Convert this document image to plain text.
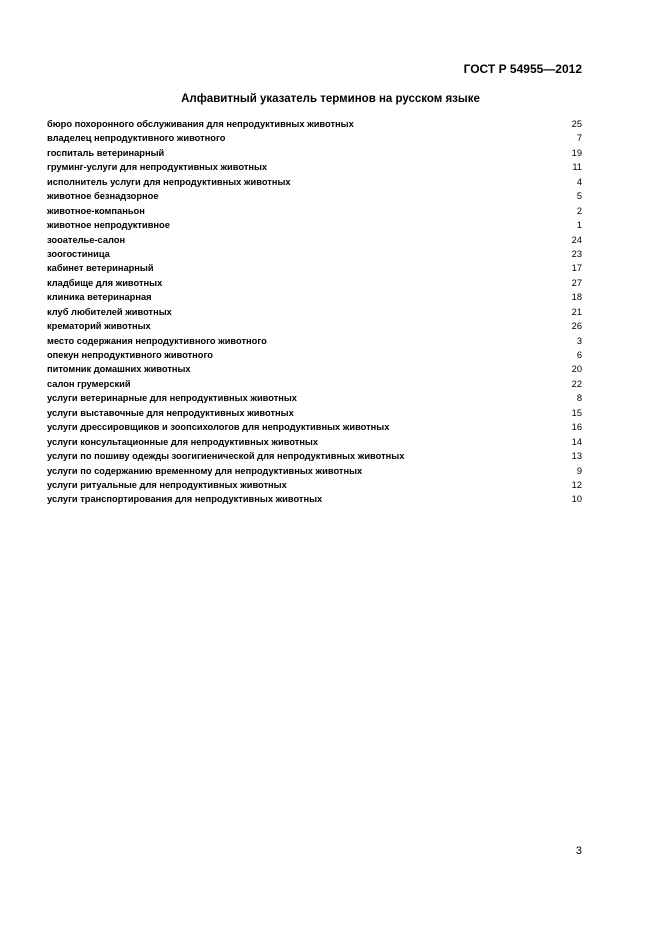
ГОСТ Р 54955—2012
Алфавитный указатель терминов на русском языке
бюро похоронного обслуживания для непродуктивных животных	25
владелец непродуктивного животного	7
госпиталь ветеринарный	19
груминг-услуги для непродуктивных животных	11
исполнитель услуги для непродуктивных животных	4
животное безнадзорное	5
животное-компаньон	2
животное непродуктивное	1
зооателье-салон	24
зоогостиница	23
кабинет ветеринарный	17
кладбище для животных	27
клиника ветеринарная	18
клуб любителей животных	21
крематорий животных	26
место содержания непродуктивного животного	3
опекун непродуктивного животного	6
питомник домашних животных	20
салон грумерский	22
услуги ветеринарные для непродуктивных животных	8
услуги выставочные для непродуктивных животных	15
услуги дрессировщиков и зоопсихологов для непродуктивных животных	16
услуги консультационные для непродуктивных животных	14
услуги по пошиву одежды зоогигиенической для непродуктивных животных	13
услуги по содержанию временному для непродуктивных животных	9
услуги ритуальные для непродуктивных животных	12
услуги транспортирования для непродуктивных животных	10
3
